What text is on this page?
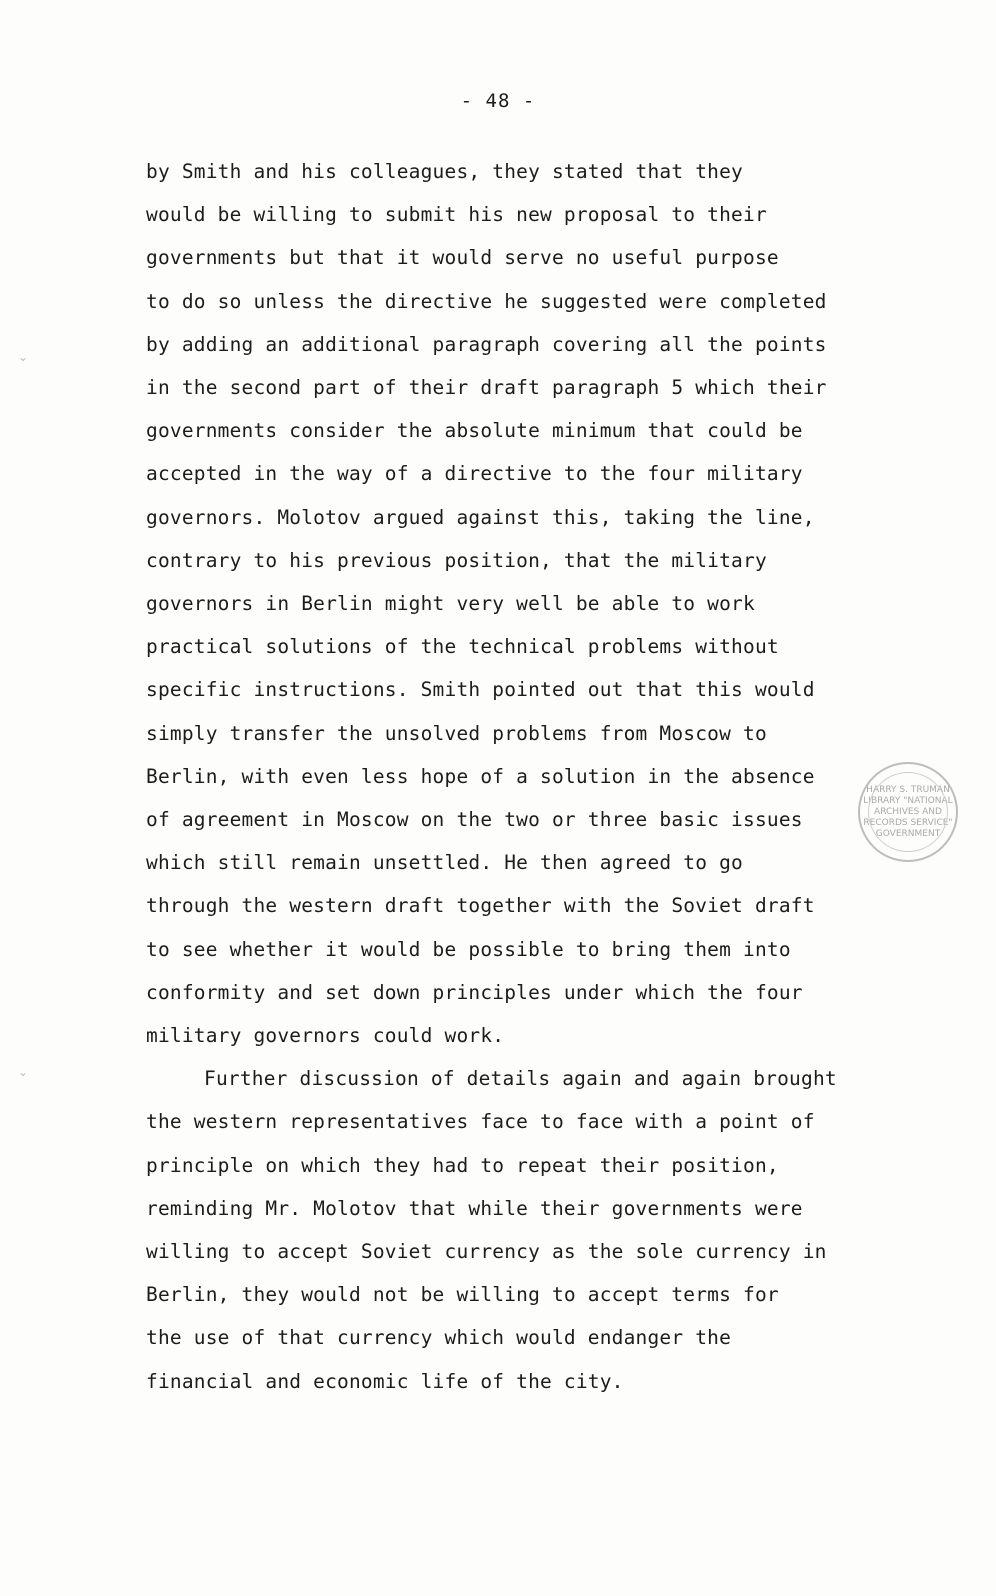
- 48 -
by Smith and his colleagues, they stated that they
would be willing to submit his new proposal to their
governments but that it would serve no useful purpose
to do so unless the directive he suggested were completed
by adding an additional paragraph covering all the points
in the second part of their draft paragraph 5 which their
governments consider the absolute minimum that could be
accepted in the way of a directive to the four military
governors. Molotov argued against this, taking the line,
contrary to his previous position, that the military
governors in Berlin might very well be able to work
practical solutions of the technical problems without
specific instructions. Smith pointed out that this would
simply transfer the unsolved problems from Moscow to
Berlin, with even less hope of a solution in the absence
of agreement in Moscow on the two or three basic issues
which still remain unsettled. He then agreed to go
through the western draft together with the Soviet draft
to see whether it would be possible to bring them into
conformity and set down principles under which the four
military governors could work.
Further discussion of details again and again brought
the western representatives face to face with a point of
principle on which they had to repeat their position,
reminding Mr. Molotov that while their governments were
willing to accept Soviet currency as the sole currency in
Berlin, they would not be willing to accept terms for
the use of that currency which would endanger the
financial and economic life of the city.
HARRY S. TRUMAN LIBRARY "NATIONAL ARCHIVES AND RECORDS SERVICE" GOVERNMENT
⌄
⌄
